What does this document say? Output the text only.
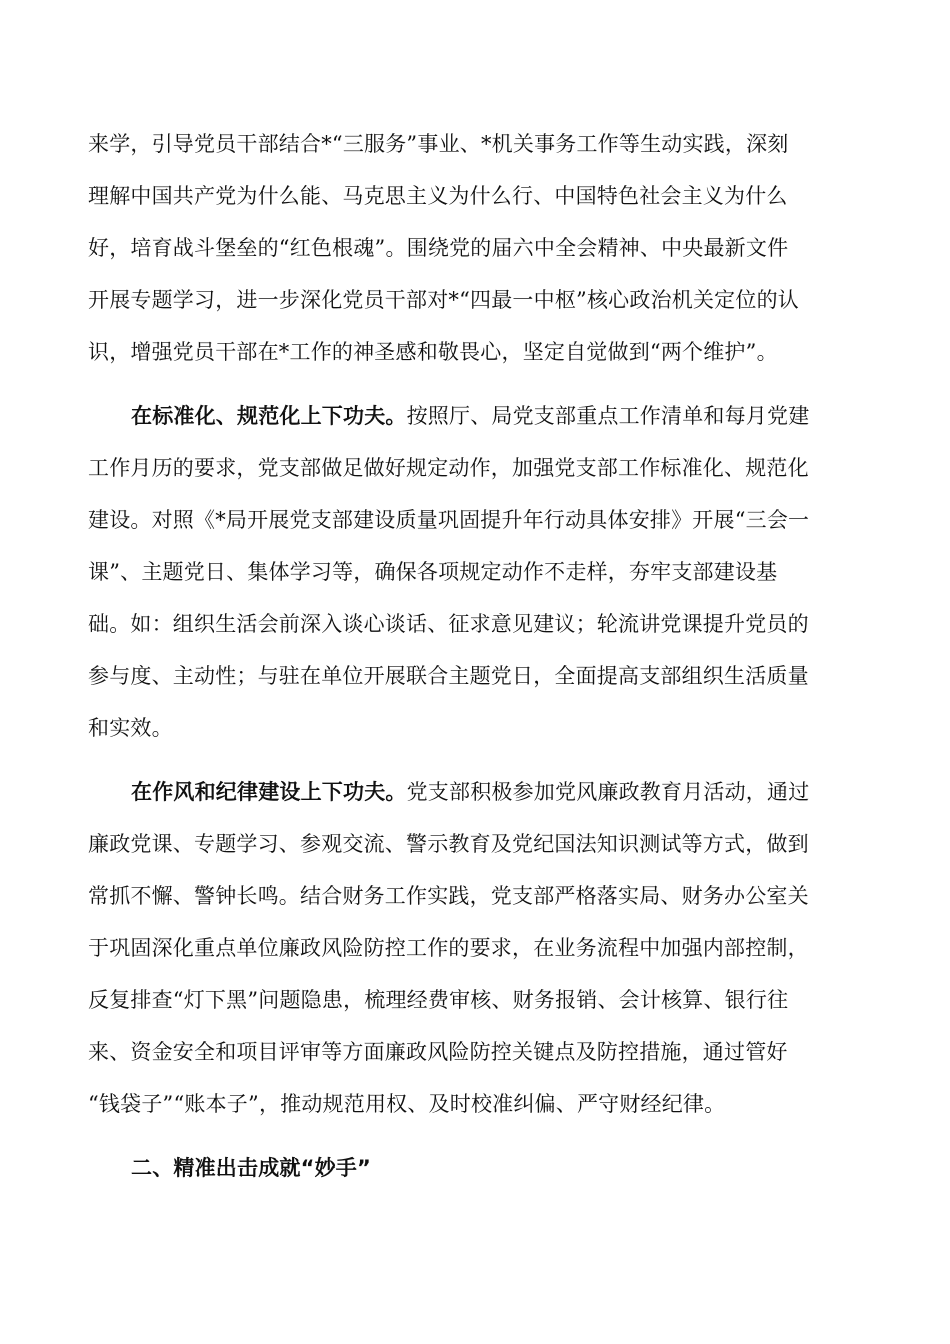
来学，引导党员干部结合*“三服务”事业、*机关事务工作等生动实践，深刻
理解中国共产党为什么能、马克思主义为什么行、中国特色社会主义为什么
好，培育战斗堡垒的“红色根魂”。围绕党的届六中全会精神、中央最新文件
开展专题学习，进一步深化党员干部对*“四最一中枢”核心政治机关定位的认
识，增强党员干部在*工作的神圣感和敬畏心，坚定自觉做到“两个维护”。
在标准化、规范化上下功夫。按照厅、局党支部重点工作清单和每月党建
工作月历的要求，党支部做足做好规定动作，加强党支部工作标准化、规范化
建设。对照《*局开展党支部建设质量巩固提升年行动具体安排》开展“三会一
课”、主题党日、集体学习等，确保各项规定动作不走样，夯牢支部建设基
础。如：组织生活会前深入谈心谈话、征求意见建议；轮流讲党课提升党员的
参与度、主动性；与驻在单位开展联合主题党日，全面提高支部组织生活质量
和实效。
在作风和纪律建设上下功夫。党支部积极参加党风廉政教育月活动，通过
廉政党课、专题学习、参观交流、警示教育及党纪国法知识测试等方式，做到
常抓不懈、警钟长鸣。结合财务工作实践，党支部严格落实局、财务办公室关
于巩固深化重点单位廉政风险防控工作的要求，在业务流程中加强内部控制，
反复排查“灯下黑”问题隐患，梳理经费审核、财务报销、会计核算、银行往
来、资金安全和项目评审等方面廉政风险防控关键点及防控措施，通过管好
“钱袋子”“账本子”，推动规范用权、及时校准纠偏、严守财经纪律。
二、精准出击成就“妙手”
